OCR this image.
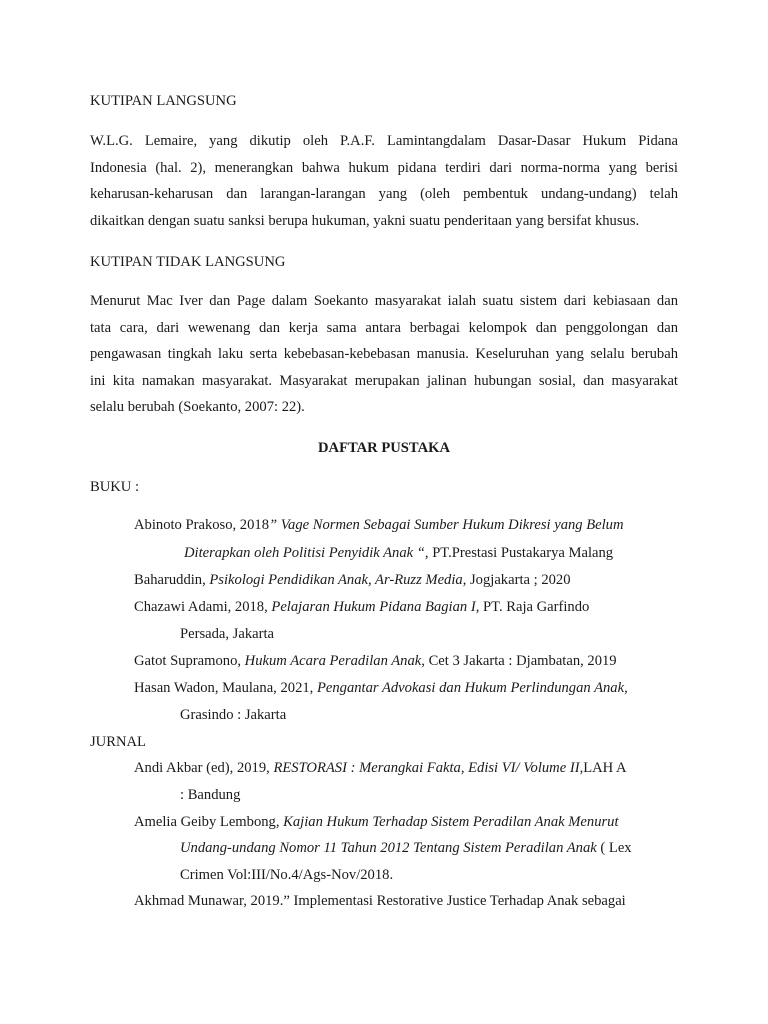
KUTIPAN LANGSUNG
W.L.G. Lemaire, yang dikutip oleh P.A.F. Lamintangdalam Dasar-Dasar Hukum Pidana
Indonesia (hal. 2), menerangkan bahwa hukum pidana terdiri dari norma-norma yang berisi
keharusan-keharusan dan larangan-larangan yang (oleh pembentuk undang-undang) telah
dikaitkan dengan suatu sanksi berupa hukuman, yakni suatu penderitaan yang bersifat khusus.
KUTIPAN TIDAK LANGSUNG
Menurut Mac Iver dan Page dalam Soekanto masyarakat ialah suatu sistem dari kebiasaan dan
tata cara, dari wewenang dan kerja sama antara berbagai kelompok dan penggolongan dan
pengawasan tingkah laku serta kebebasan-kebebasan manusia. Keseluruhan yang selalu berubah
ini kita namakan masyarakat. Masyarakat merupakan jalinan hubungan sosial, dan masyarakat
selalu berubah (Soekanto, 2007: 22).
DAFTAR PUSTAKA
BUKU :
Abinoto Prakoso, 2018” Vage Normen Sebagai Sumber Hukum Dikresi yang Belum
Diterapkan oleh Politisi Penyidik Anak “, PT.Prestasi Pustakarya Malang
Baharuddin, Psikologi Pendidikan Anak, Ar-Ruzz Media, Jogjakarta ; 2020
Chazawi Adami, 2018, Pelajaran Hukum Pidana Bagian I, PT. Raja Garfindo
Persada, Jakarta
Gatot Supramono, Hukum Acara Peradilan Anak, Cet 3 Jakarta : Djambatan, 2019
Hasan Wadon, Maulana, 2021, Pengantar Advokasi dan Hukum Perlindungan Anak,
Grasindo : Jakarta
JURNAL
Andi Akbar (ed), 2019, RESTORASI : Merangkai Fakta, Edisi VI/ Volume II,LAH A
: Bandung
Amelia Geiby Lembong, Kajian Hukum Terhadap Sistem Peradilan Anak Menurut
Undang-undang Nomor 11 Tahun 2012 Tentang Sistem Peradilan Anak ( Lex
Crimen Vol:III/No.4/Ags-Nov/2018.
Akhmad Munawar, 2019.” Implementasi Restorative Justice Terhadap Anak sebagai
